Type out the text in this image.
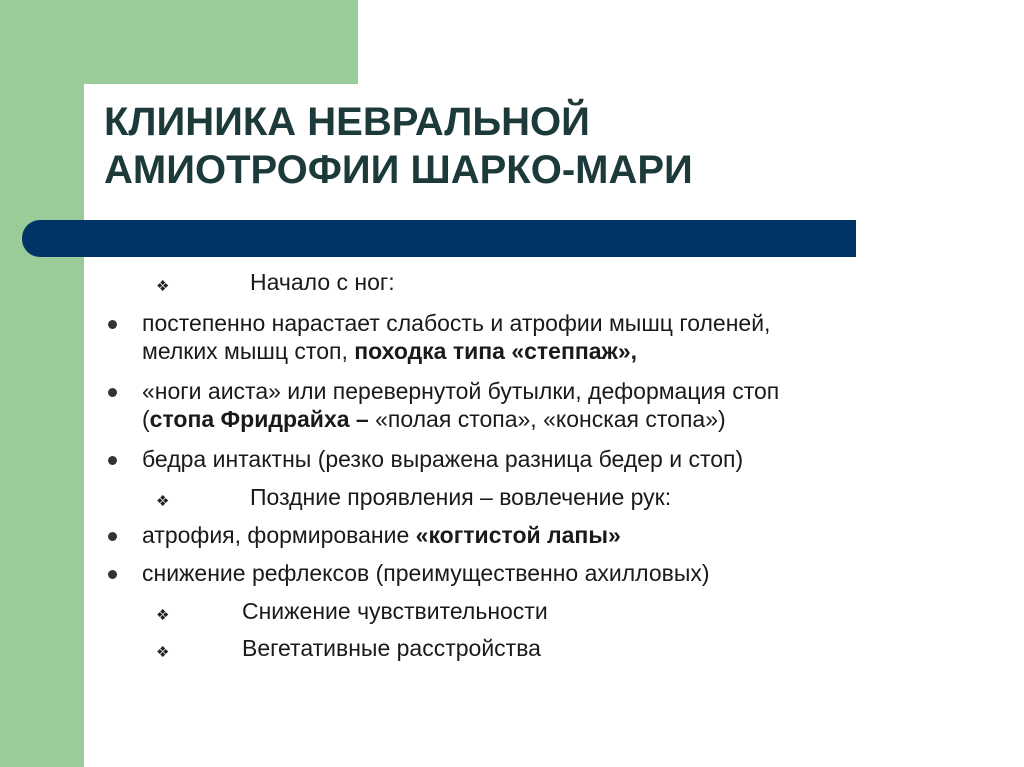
КЛИНИКА НЕВРАЛЬНОЙ
АМИОТРОФИИ ШАРКО-МАРИ
❖	Начало с ног:
постепенно нарастает слабость и атрофии мышц голеней,
мелких мышц стоп, походка типа «степпаж»,
«ноги аиста» или перевернутой бутылки, деформация стоп
(стопа Фридрайха – «полая стопа», «конская стопа»)
бедра интактны (резко выражена разница бедер и стоп)
❖	Поздние проявления – вовлечение рук:
атрофия, формирование «когтистой лапы»
снижение рефлексов (преимущественно ахилловых)
❖	Снижение чувствительности
❖	Вегетативные расстройства
